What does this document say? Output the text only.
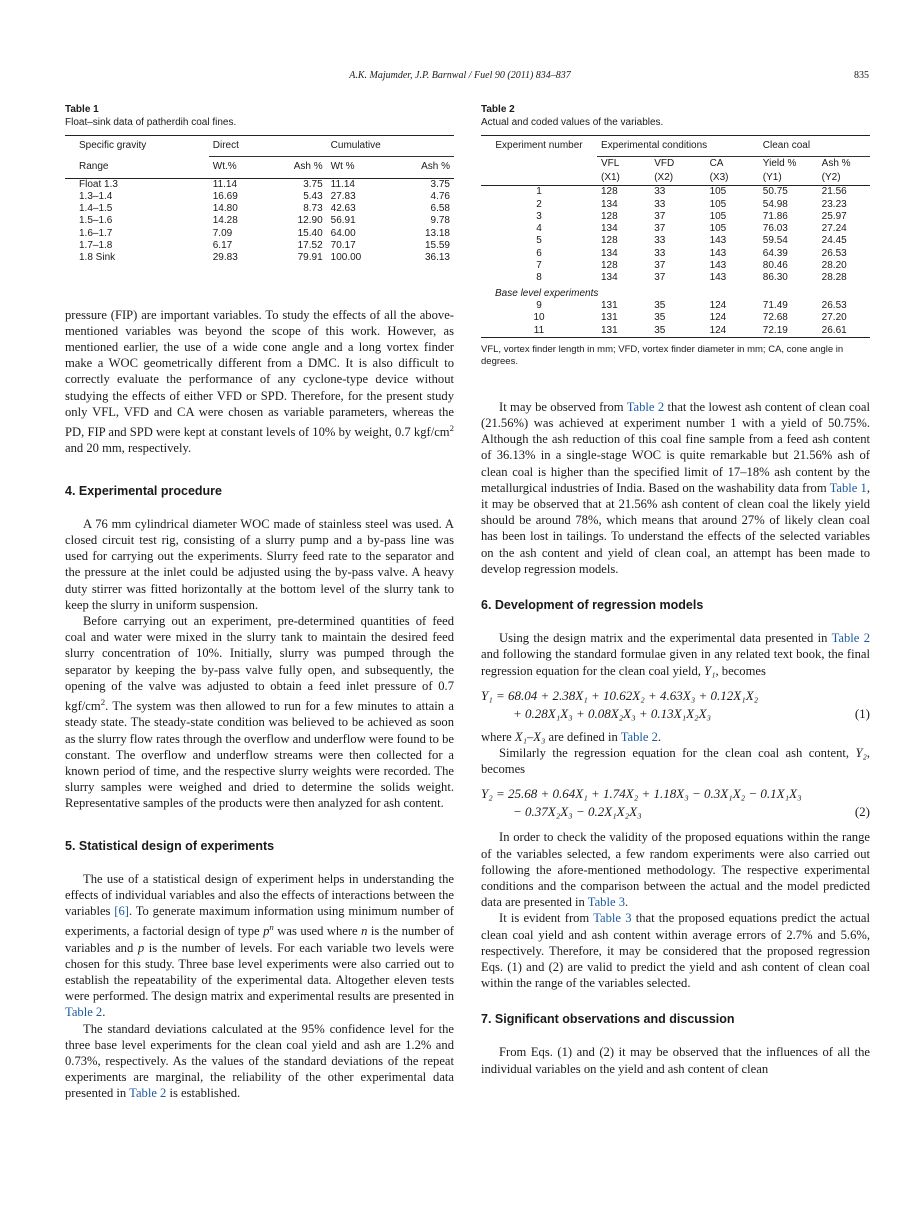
A.K. Majumder, J.P. Barnwal / Fuel 90 (2011) 834–837	835
Table 1
Float–sink data of patherdih coal fines.
Specific gravity	Direct		Cumulative	
Range	Wt.%	Ash %	Wt %	Ash %
Float 1.3	11.14	3.75	11.14	3.75
1.3–1.4	16.69	5.43	27.83	4.76
1.4–1.5	14.80	8.73	42.63	6.58
1.5–1.6	14.28	12.90	56.91	9.78
1.6–1.7	7.09	15.40	64.00	13.18
1.7–1.8	6.17	17.52	70.17	15.59
1.8 Sink	29.83	79.91	100.00	36.13

pressure (FIP) are important variables. To study the effects of all the above-mentioned variables was beyond the scope of this work. However, as mentioned earlier, the use of a wide cone angle and a long vortex finder make a WOC geometrically different from a DMC. It is also difficult to correctly evaluate the performance of any cyclone-type device without studying the effects of either VFD or SPD. Therefore, for the present study only VFL, VFD and CA were chosen as variable parameters, whereas the PD, FIP and SPD were kept at constant levels of 10% by weight, 0.7 kgf/$cm^2$ and 20 mm, respectively.

4. Experimental procedure

A 76 mm cylindrical diameter WOC made of stainless steel was used. A closed circuit test rig, consisting of a slurry pump and a by-pass line was used for carrying out the experiments. Slurry feed rate to the separator and the pressure at the inlet could be adjusted using the by-pass valve. A heavy duty stirrer was fitted horizontally at the bottom level of the slurry tank to keep the slurry in uniform suspension.

Before carrying out an experiment, pre-determined quantities of feed coal and water were mixed in the slurry tank to maintain the desired feed slurry concentration of 10%. Initially, slurry was pumped through the separator by keeping the by-pass valve fully open, and subsequently, the opening of the valve was adjusted to obtain a feed inlet pressure of 0.7 kgf/$cm^2$. The system was then allowed to run for a few minutes to attain a steady state. The steady-state condition was believed to be achieved as soon as the slurry flow rates through the overflow and underflow were found to be constant. The overflow and underflow streams were then collected for a known period of time, and the respective slurry weights were recorded. The slurry samples were weighed and dried to determine the solids weight. Representative samples of the products were then analyzed for ash content.

5. Statistical design of experiments

The use of a statistical design of experiment helps in understanding the effects of individual variables and also the effects of interactions between the variables [6]. To generate maximum information using minimum number of experiments, a factorial design of type $p^n$ was used where n is the number of variables and p is the number of levels. For each variable two levels were chosen for this study. Three base level experiments were also carried out to establish the repeatability of the experimental data. Altogether eleven tests were performed. The design matrix and experimental results are presented in Table 2.

The standard deviations calculated at the 95% confidence level for the three base level experiments for the clean coal yield and ash are 1.2% and 0.73%, respectively. As the values of the standard deviations of the repeat experiments are marginal, the reliability of the other experimental data presented in Table 2 is established.

Table 2
Actual and coded values of the variables.
Experiment number	Experimental conditions			Clean coal	
	VFL	VFD	CA	Yield %	Ash %
	(X1)	(X2)	(X3)	(Y1)	(Y2)
1	128	33	105	50.75	21.56
2	134	33	105	54.98	23.23
3	128	37	105	71.86	25.97
4	134	37	105	76.03	27.24
5	128	33	143	59.54	24.45
6	134	33	143	64.39	26.53
7	128	37	143	80.46	28.20
8	134	37	143	86.30	28.28
Base level experiments					
9	131	35	124	71.49	26.53
10	131	35	124	72.68	27.20
11	131	35	124	72.19	26.61
VFL, vortex finder length in mm; VFD, vortex finder diameter in mm; CA, cone angle in degrees.

It may be observed from Table 2 that the lowest ash content of clean coal (21.56%) was achieved at experiment number 1 with a yield of 50.75%. Although the ash reduction of this coal fine sample from a feed ash content of 36.13% in a single-stage WOC is quite remarkable but 21.56% ash of clean coal is higher than the specified limit of 17–18% ash content by the metallurgical industries of India. Based on the washability data from Table 1, it may be observed that at 21.56% ash content of clean coal the likely yield should be around 78%, which means that around 27% of likely clean coal has been lost in tailings. To understand the effects of the selected variables on the ash content and yield of clean coal, an attempt has been made to develop regression models.

6. Development of regression models

Using the design matrix and the experimental data presented in Table 2 and following the standard formulae given in any related text book, the final regression equation for the clean coal yield, Y₁, becomes

Y₁ = 68.04 + 2.38X₁ + 10.62X₂ + 4.63X₃ + 0.12X₁X₂
+ 0.28X₁X₃ + 0.08X₂X₃ + 0.13X₁X₂X₃	(1)

where X₁–X₃ are defined in Table 2.

Similarly the regression equation for the clean coal ash content, Y₂, becomes

Y₂ = 25.68 + 0.64X₁ + 1.74X₂ + 1.18X₃ − 0.3X₁X₂ − 0.1X₁X₃
− 0.37X₂X₃ − 0.2X₁X₂X₃	(2)

In order to check the validity of the proposed equations within the range of the variables selected, a few random experiments were also carried out following the afore-mentioned methodology. The respective experimental conditions and the comparison between the actual and the model predicted data are presented in Table 3.

It is evident from Table 3 that the proposed equations predict the actual clean coal yield and ash content within average errors of 2.7% and 5.6%, respectively. Therefore, it may be considered that the proposed regression Eqs. (1) and (2) are valid to predict the yield and ash content of clean coal within the range of the variables selected.

7. Significant observations and discussion

From Eqs. (1) and (2) it may be observed that the influences of all the individual variables on the yield and ash content of clean
